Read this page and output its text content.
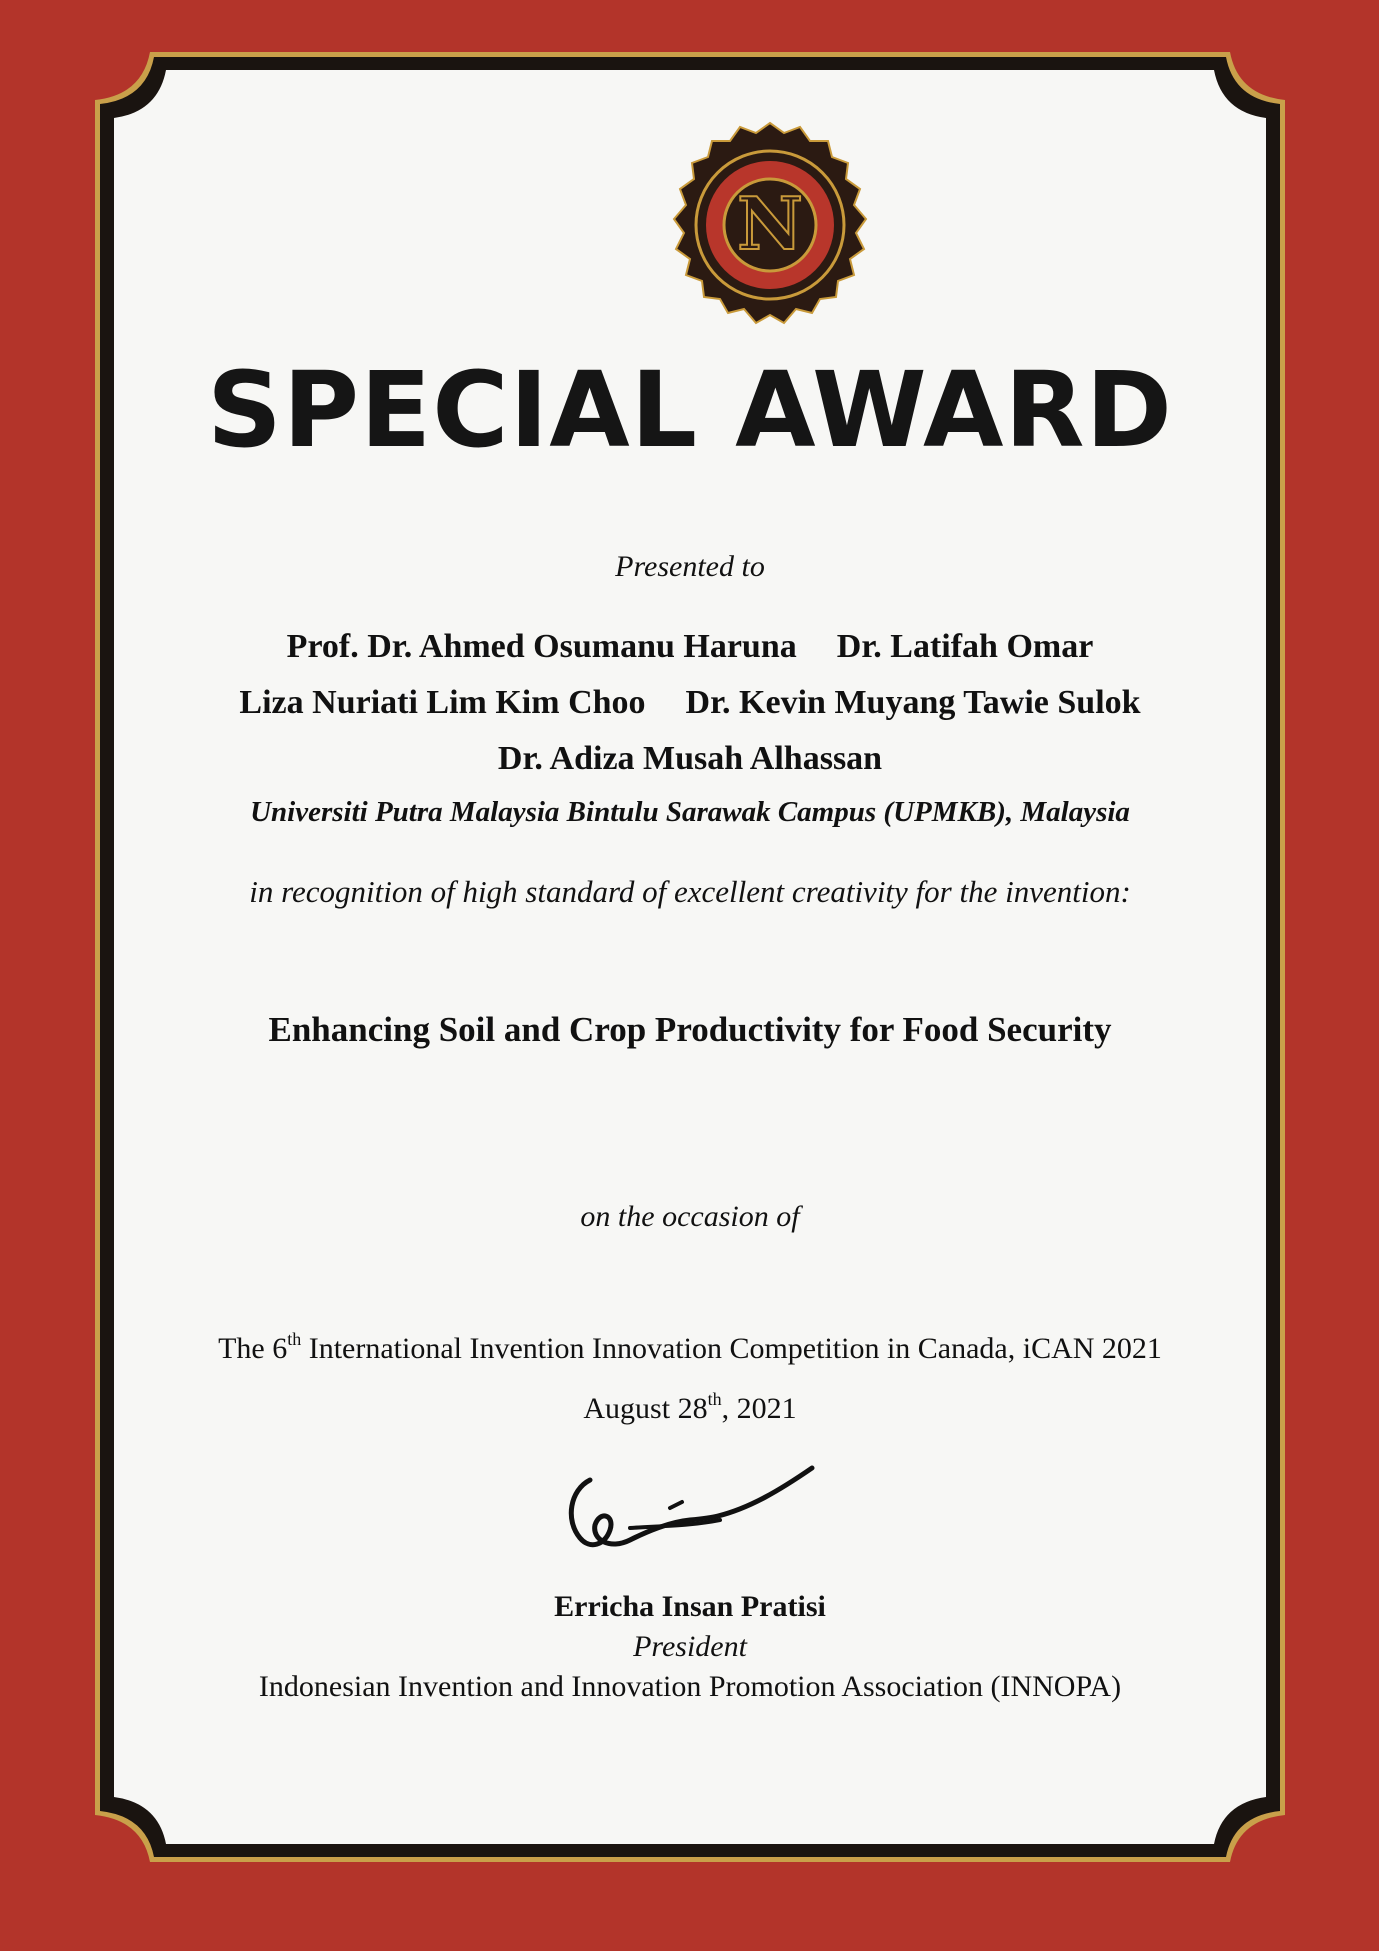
N
SPECIAL AWARD
Presented to
Prof. Dr. Ahmed Osumanu Haruna Dr. Latifah Omar
Liza Nuriati Lim Kim Choo Dr. Kevin Muyang Tawie Sulok
Dr. Adiza Musah Alhassan
Universiti Putra Malaysia Bintulu Sarawak Campus (UPMKB), Malaysia
in recognition of high standard of excellent creativity for the invention:
Enhancing Soil and Crop Productivity for Food Security
on the occasion of
The 6th International Invention Innovation Competition in Canada, iCAN 2021
August 28th, 2021
Erricha Insan Pratisi
President
Indonesian Invention and Innovation Promotion Association (INNOPA)
